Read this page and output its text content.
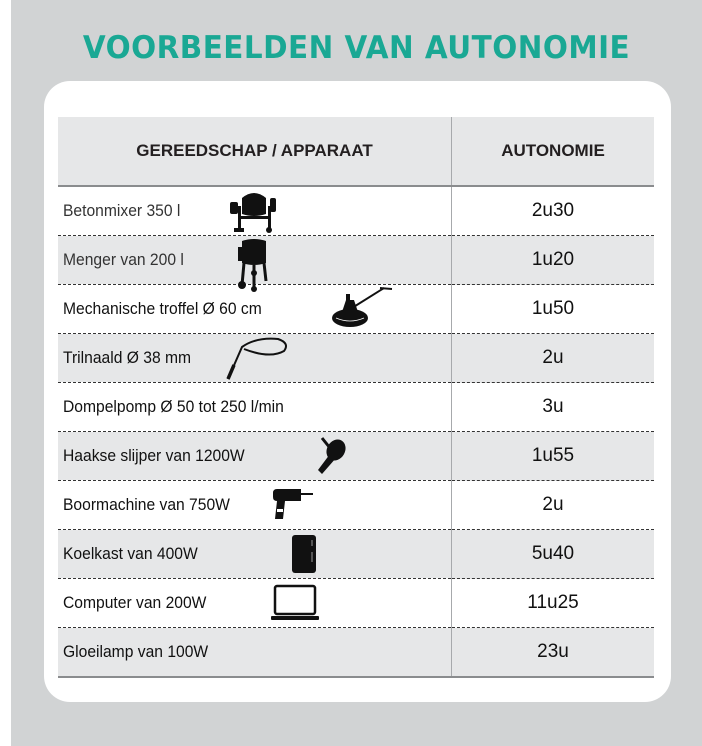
VOORBEELDEN VAN AUTONOMIE
GEREEDSCHAP / APPARAAT	AUTONOMIE
Betonmixer 350 l	2u30
Menger van 200 l	1u20
Mechanische troffel Ø 60 cm	1u50
Trilnaald Ø 38 mm	2u
Dompelpomp Ø 50 tot 250 l/min	3u
Haakse slijper van 1200W	1u55
Boormachine van 750W	2u
Koelkast van 400W	5u40
Computer van 200W	11u25
Gloeilamp van 100W	23u
